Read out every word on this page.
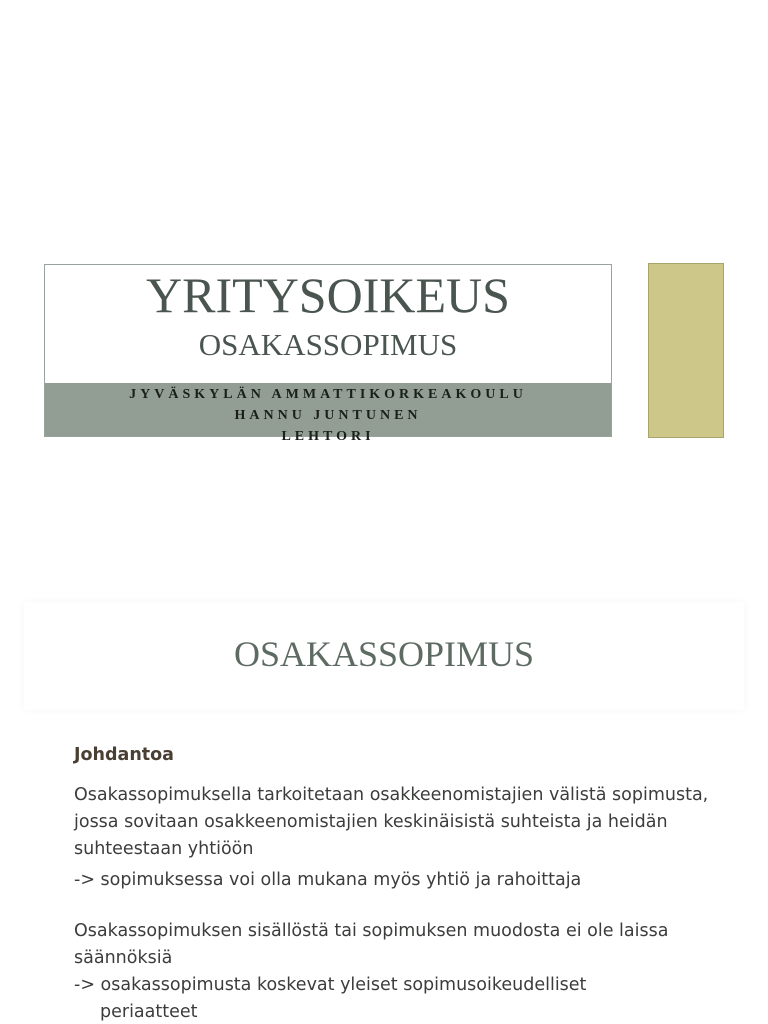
YRITYSOIKEUS
OSAKASSOPIMUS
JYVÄSKYLÄN AMMATTIKORKEAKOULU
HANNU JUNTUNEN
LEHTORI
OSAKASSOPIMUS
Johdantoa

Osakassopimuksella tarkoitetaan osakkeenomistajien välistä sopimusta, jossa sovitaan osakkeenomistajien keskinäisistä suhteista ja heidän suhteestaan yhtiöön

-> sopimuksessa voi olla mukana myös yhtiö ja rahoittaja

Osakassopimuksen sisällöstä tai sopimuksen muodosta ei ole laissa säännöksiä

-> osakassopimusta koskevat yleiset sopimusoikeudelliset

periaatteet
